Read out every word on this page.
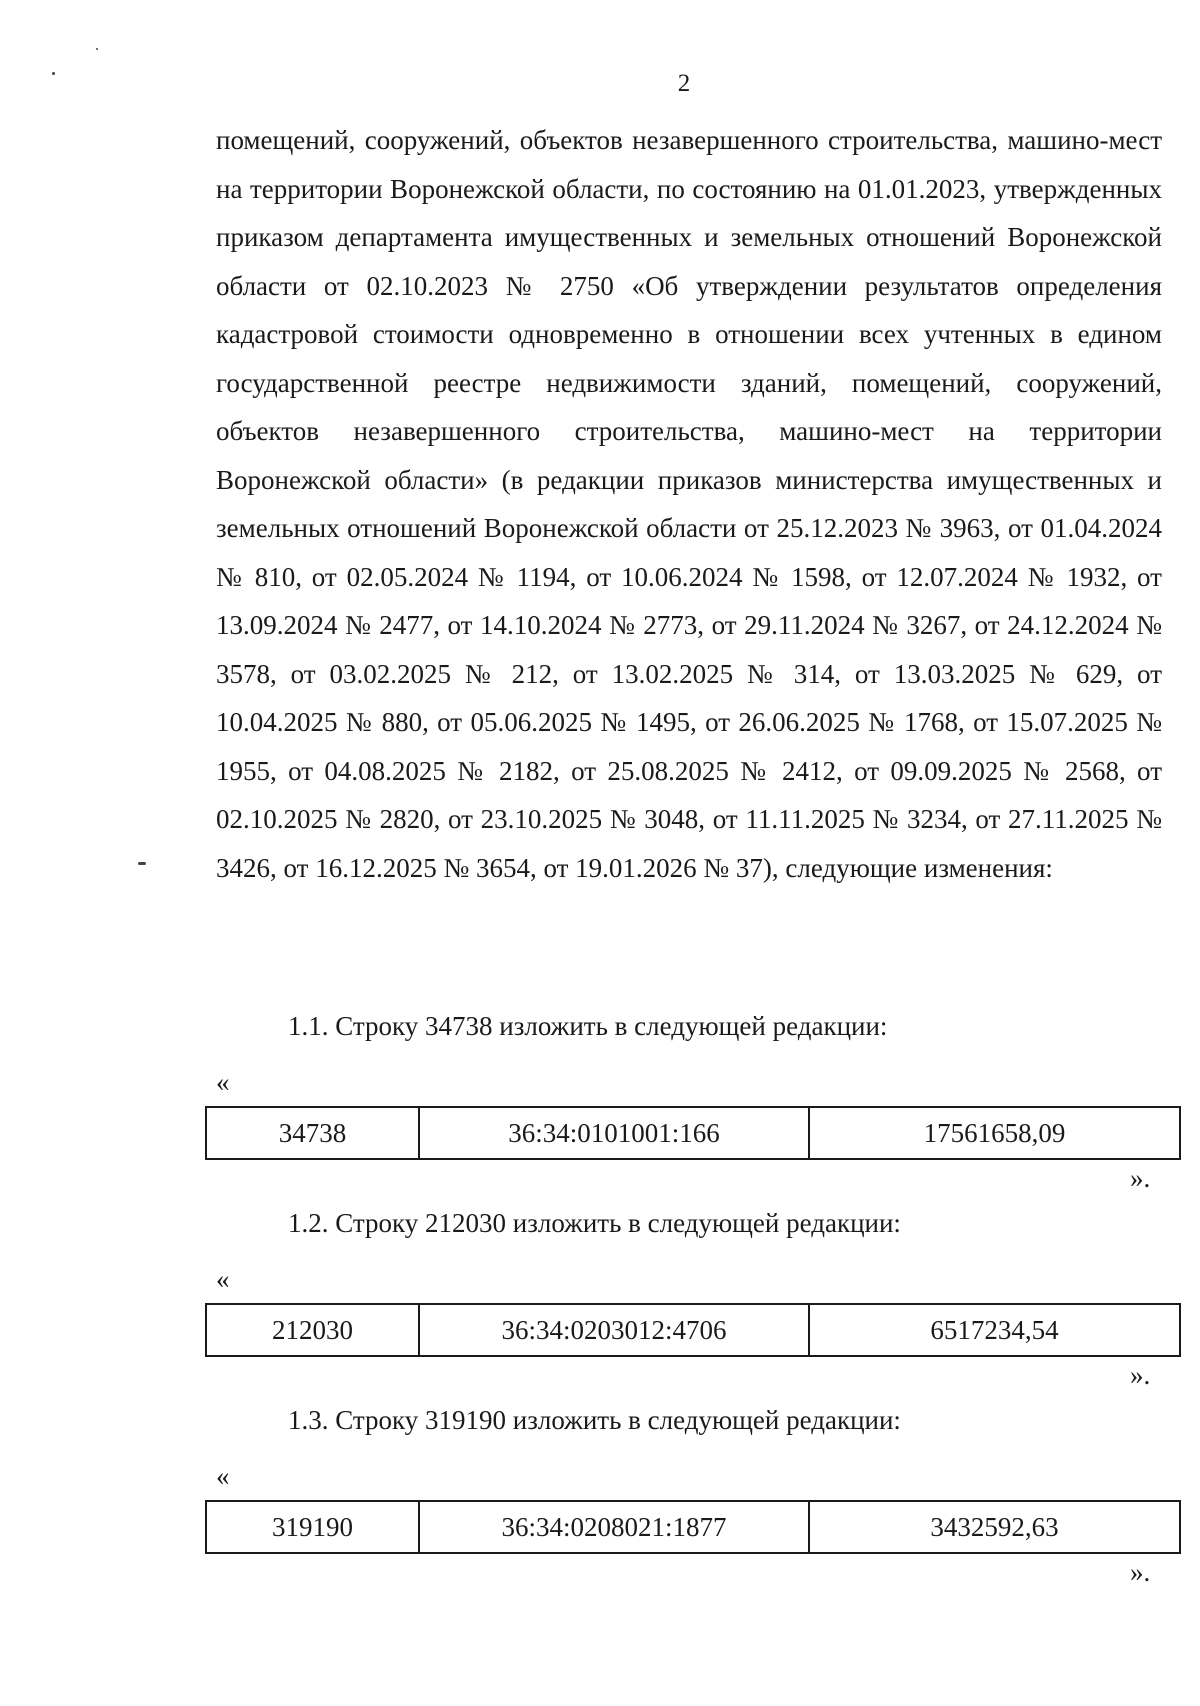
2

помещений, сооружений, объектов незавершенного строительства, машино-мест на территории Воронежской области, по состоянию на 01.01.2023, утвержденных приказом департамента имущественных и земельных отношений Воронежской области от 02.10.2023 № 2750 «Об утверждении результатов определения кадастровой стоимости одновременно в отношении всех учтенных в едином государственной реестре недвижимости зданий, помещений, сооружений, объектов незавершенного строительства, машино-мест на территории Воронежской области» (в редакции приказов министерства имущественных и земельных отношений Воронежской области от 25.12.2023 № 3963, от 01.04.2024 № 810, от 02.05.2024 № 1194, от 10.06.2024 № 1598, от 12.07.2024 № 1932, от 13.09.2024 № 2477, от 14.10.2024 № 2773, от 29.11.2024 № 3267, от 24.12.2024 № 3578, от 03.02.2025 № 212, от 13.02.2025 № 314, от 13.03.2025 № 629, от 10.04.2025 № 880, от 05.06.2025 № 1495, от 26.06.2025 № 1768, от 15.07.2025 № 1955, от 04.08.2025 № 2182, от 25.08.2025 № 2412, от 09.09.2025 № 2568, от 02.10.2025 № 2820, от 23.10.2025 № 3048, от 11.11.2025 № 3234, от 27.11.2025 № 3426, от 16.12.2025 № 3654, от 19.01.2026 № 37), следующие изменения:

1.1. Строку 34738 изложить в следующей редакции:
«
34738	36:34:0101001:166	17561658,09
».
1.2. Строку 212030 изложить в следующей редакции:
«
212030	36:34:0203012:4706	6517234,54
».
1.3. Строку 319190 изложить в следующей редакции:
«
319190	36:34:0208021:1877	3432592,63
».
